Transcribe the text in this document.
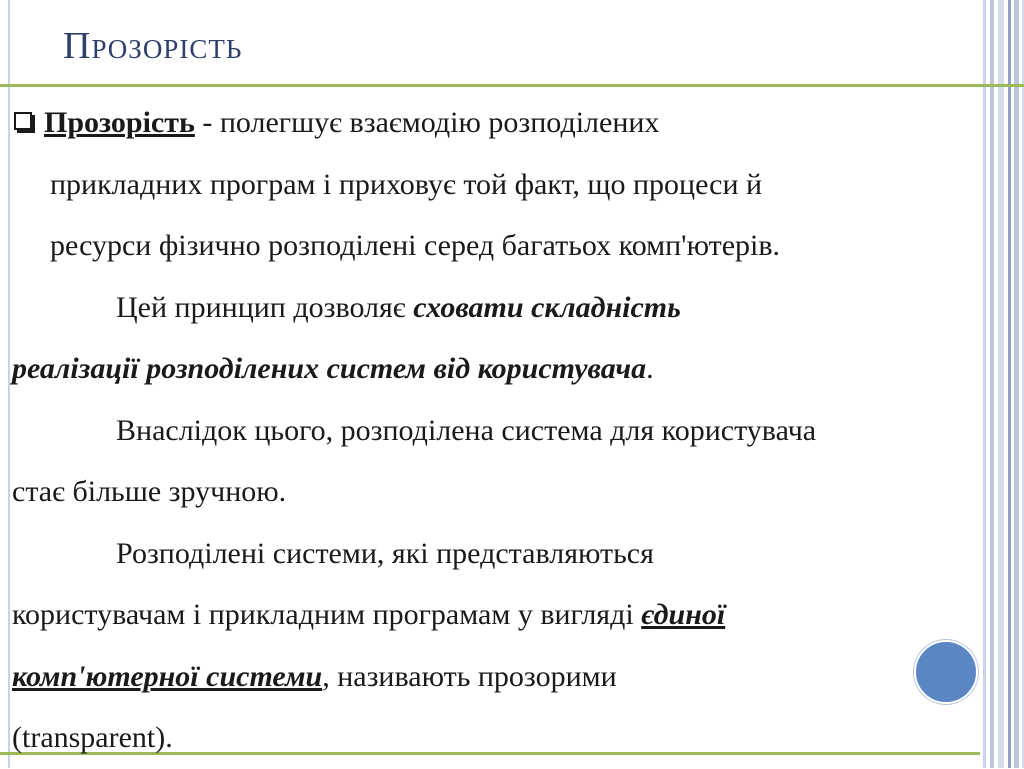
Прозорість
Прозорість - полегшує взаємодію розподілених
прикладних програм і приховує той факт, що процеси й
ресурси фізично розподілені серед багатьох комп'ютерів.
Цей принцип дозволяє сховати складність
реалізації розподілених систем від користувача.
Внаслідок цього, розподілена система для користувача
стає більше зручною.
Розподілені системи, які представляються
користувачам і прикладним програмам у вигляді єдиної
комп'ютерної системи, називають прозорими
(transparent).
